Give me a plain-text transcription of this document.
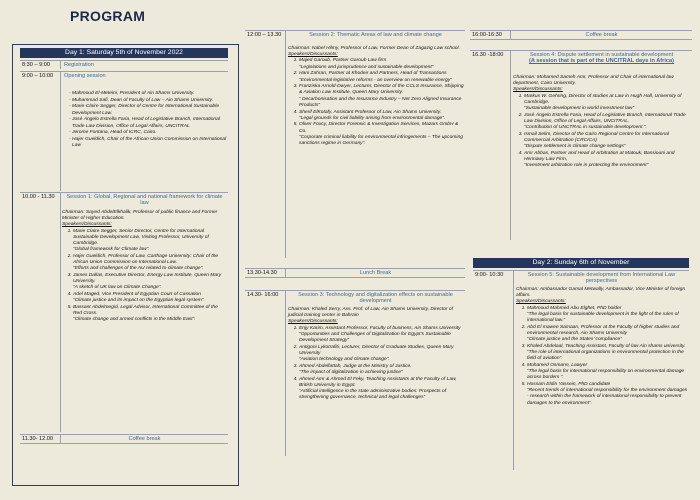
PROGRAM
Day 1: Saturday 5th of November 2022
8:30 – 9:00	Registration
9:00 – 10:00	Opening session
1. Mahmoud El-Meteini, President of Ain Shams University.
2. Muhammad Safi, Dean of Faculty of Law – Ain Shams University.
3. Marie-Claire Segger, Director of Centre for International Sustainable Development Law.
4. José Ángelo Estrella Faria, Head of Legislative Branch, International Trade Law Division, Office of Legal Affairs, UNCITRAL
5. Jerome Fontana, Head of ICRC, Cairo.
6. Hajer Gueldich, Chair of the African Union Commission on International Law
10.00 - 11.30	Session 1: Global, Regional and national framework for climate law
Chairman: Sayed AbdelElkhalik, Professor of public finance and Former Minister of Higher Education.
Speakers/Discussants:
1. Marie Claire Segger, Senior Director, Centre for International Sustainable Development Law, Visiting Professor, University of Cambridge.
“Global framework for Climate law”.
2. Hajer Gueldich, Professor of Law, Carthage University; Chair of the African Union Commission on International Law.
“Efforts and challenges of the AU related to climate change”.
3. James Dallas, Executive Director, Energy Law Institute, Queen Mary University.
“A sketch of UK law on Climate Change”.
4. Adel Maged, Vice President of Egyptian Court of Cassation
“Climate justice and its impact on the Egyptian legal system”.
5. Bassant Abdelmegid, Legal Advisor, International Committee of the Red Cross.
“Climate change and armed conflicts in the Middle East”.
11.30- 12.00	Coffee break
12:00 – 13.30	Session 2: Thematic Areas of law and climate change
Chairman: Nabel Hilmy, Professor of Law, Former Dean of Zagazig Law school.
Speakers/Discussants:
1. Majed Garoub, Partner Garoub Law firm
“Legislations and jurisprudence and sustainable development”
2. Hani Zahran, Partner at Khodeir and Partners, Head of Transactions
“Environmental legislative reforms - an overview on renewable energy”
3. Franziska Arnold-Dwyer, Lecturer, Director of the CCLS Insurance, Shipping & Aviation Law Institute, Queen Mary University.
“ Decarbonisation and the Insurance Industry – Net Zero Aligned Insurance Products”
4. Sherif ElKotafy, Assistant Professor of Law, Ain Shams University.
“Legal grounds for civil liability arising from environmental damage”.
5. Oliver Foxcy, Director Forensic & Investigation Services, Mazars GmbH & Co.
“Corporate criminal liability for environmental infringements – The upcoming sanctions regime in Germany”.
13.30-14.30	Lunch Break
14.30- 16:00	Session 3: Technology and digitalization effects on sustainable development
Chairman: Khaled Serry, Ass. Prof. of Law, Ain Shams University, Director of judicial training center in Bahrain
Speakers/Discussants:
1. Enjy Karim, Assistant Professor, Faculty of business, Ain Shams University
“Opportunities and Challenges of Digitalization for Egypt’s Sustainable Development Strategy”
2. Antigoni Lykotrafiti, Lecturer, Director of Graduate Studies, Queen Mary University
“Aviation technology and climate change”.
3. Ahmed Abdelfattah, Judge at the Ministry of Justice.
“The impact of digitalization in achieving justice”
4. Ahmed Amr & Ahmed El Feky, Teaching Assistants at the Faculty of Law, British University in Egypt.
“Artificial intelligence in the state administrative bodies: Prospects of strengthening governance, technical and legal challenges”
16:00-16:30	Coffee break
16.30 -18:00	Session 4: Dispute settlement in sustainable development
(A session that is part of the UNCITRAL days in Africa)
Chairman: Mohamed Sameh Amr, Professor and Chair of international law department, Cairo University.
Speakers/Discussants:
1. Markus W. Gehring, Director of studies at Law in Hugh Hall, University of Cambridge.
“Sustainable development in world investment law”
2. José Ángelo Estrella Faria, Head of Legislative Branch, International Trade Law Division, Office of Legal Affairs, UNCITRAL.
“Contribution of UNCTRAL in sustainable development ”.
3. Ismail Selim, Director of the Cairo Regional Centre for International Commercial Arbitration (CRCICA)
“Dispute settlement in climate change settings”
4. Amr Abbas, Partner and Head of Arbitration at Matouk, Bassiouni and Hennawy Law Firm,
“Investment arbitration role in protecting the environment”
Day 2: Sunday 6th of November
9:00- 10:30	Session 5: Sustainable development from International Law perspectives
Chairman: Ambassador Gamal Metwally, Ambassador, Vice Minister of foreign affairs.
Speakers/Discussants:
1. Mahmoud Mahmed Abu Elghet, PhD holder
“The legal basis for sustainable development in the light of the rules of international law.”
2. Abd El mawee Samaan, Professor at the Faculty of higher studies and environmental research, Ain Shams University
“Climate justice and the States’ compliance”
3. Khaled Abdelaal, Teaching Assistant, Faculty of law Ain shams university.
“The role of international organizations in environmental protection in the field of aviation”.
4. Mohamed Osmann, Lawyer
“The legal basis for international responsibility on environmental damage across borders ”.
5. Hossam Eldin Yassein, PhD candidate
“Recent trends of international responsibility for the environment damages - research within the framework of international responsibility to prevent damages to the environment”.
